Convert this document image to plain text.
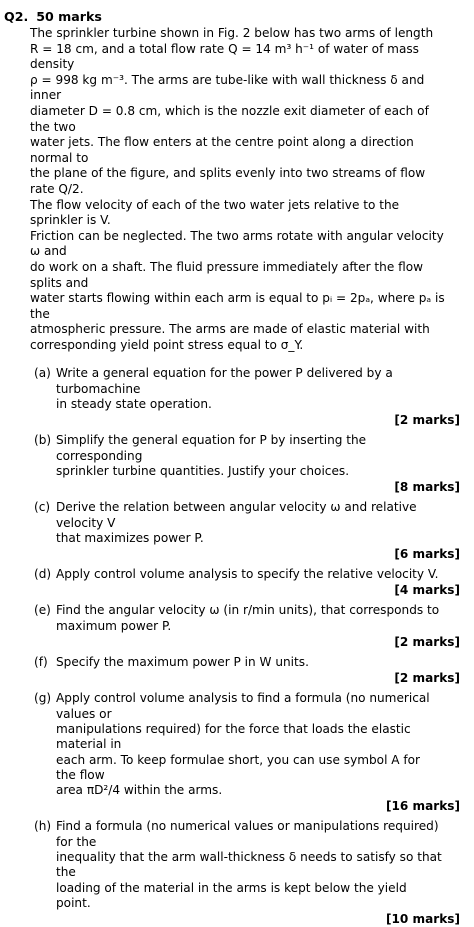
Q2. 50 marks
The sprinkler turbine shown in Fig. 2 below has two arms of length
R = 18 cm, and a total flow rate Q = 14 m³ h⁻¹ of water of mass density
ρ = 998 kg m⁻³. The arms are tube-like with wall thickness δ and inner
diameter D = 0.8 cm, which is the nozzle exit diameter of each of the two
water jets. The flow enters at the centre point along a direction normal to
the plane of the figure, and splits evenly into two streams of flow rate Q/2.
The flow velocity of each of the two water jets relative to the sprinkler is V.
Friction can be neglected. The two arms rotate with angular velocity ω and
do work on a shaft. The fluid pressure immediately after the flow splits and
water starts flowing within each arm is equal to pᵢ = 2pₐ, where pₐ is the
atmospheric pressure. The arms are made of elastic material with
corresponding yield point stress equal to σ_Y.
(a) Write a general equation for the power P delivered by a turbomachine
in steady state operation.
[2 marks]
(b) Simplify the general equation for P by inserting the corresponding
sprinkler turbine quantities. Justify your choices.
[8 marks]
(c) Derive the relation between angular velocity ω and relative velocity V
that maximizes power P.
[6 marks]
(d) Apply control volume analysis to specify the relative velocity V.
[4 marks]
(e) Find the angular velocity ω (in r/min units), that corresponds to
maximum power P.
[2 marks]
(f) Specify the maximum power P in W units.
[2 marks]
(g) Apply control volume analysis to find a formula (no numerical values or
manipulations required) for the force that loads the elastic material in
each arm. To keep formulae short, you can use symbol A for the flow
area πD²/4 within the arms.
[16 marks]
(h) Find a formula (no numerical values or manipulations required) for the
inequality that the arm wall-thickness δ needs to satisfy so that the
loading of the material in the arms is kept below the yield point.
[10 marks]
